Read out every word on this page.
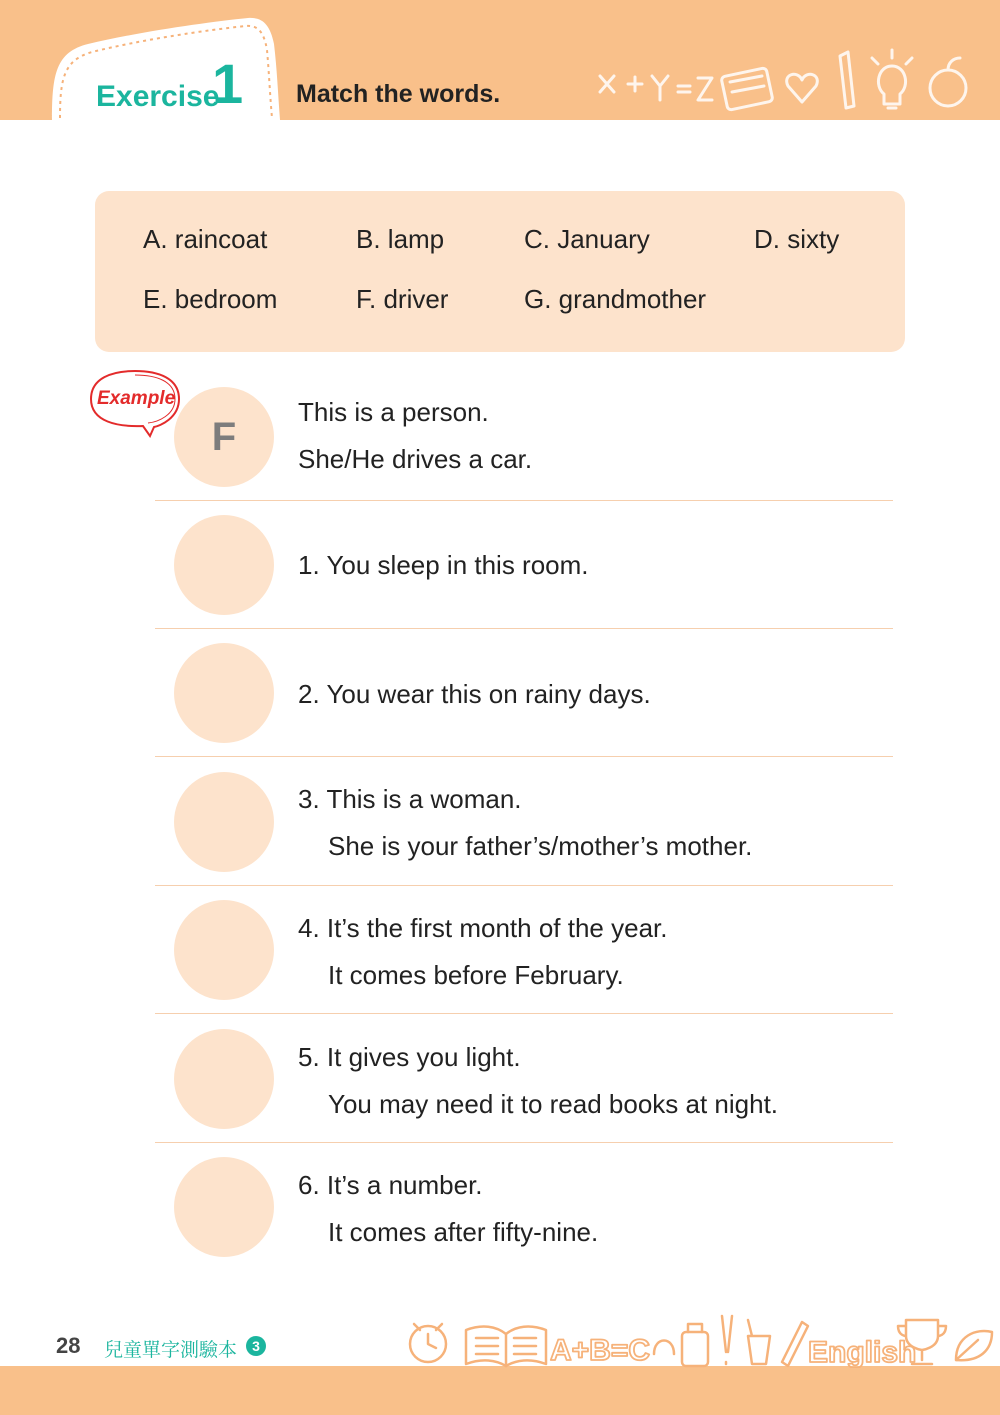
Exercise
1 Match the words.
A. raincoat	B. lamp	C. January	D. sixty
E. bedroom	F. driver	G. grandmother
F
This is a person.
She/He drives a car.
Example
1. You sleep in this room.
2. You wear this on rainy days.
3. This is a woman.
She is your father’s/mother’s mother.
4. It’s the first month of the year.
It comes before February.
5. It gives you light.
You may need it to read books at night.
6. It’s a number.
It comes after fifty-nine.
28 兒童單字測驗本	3	A+B=C	English
